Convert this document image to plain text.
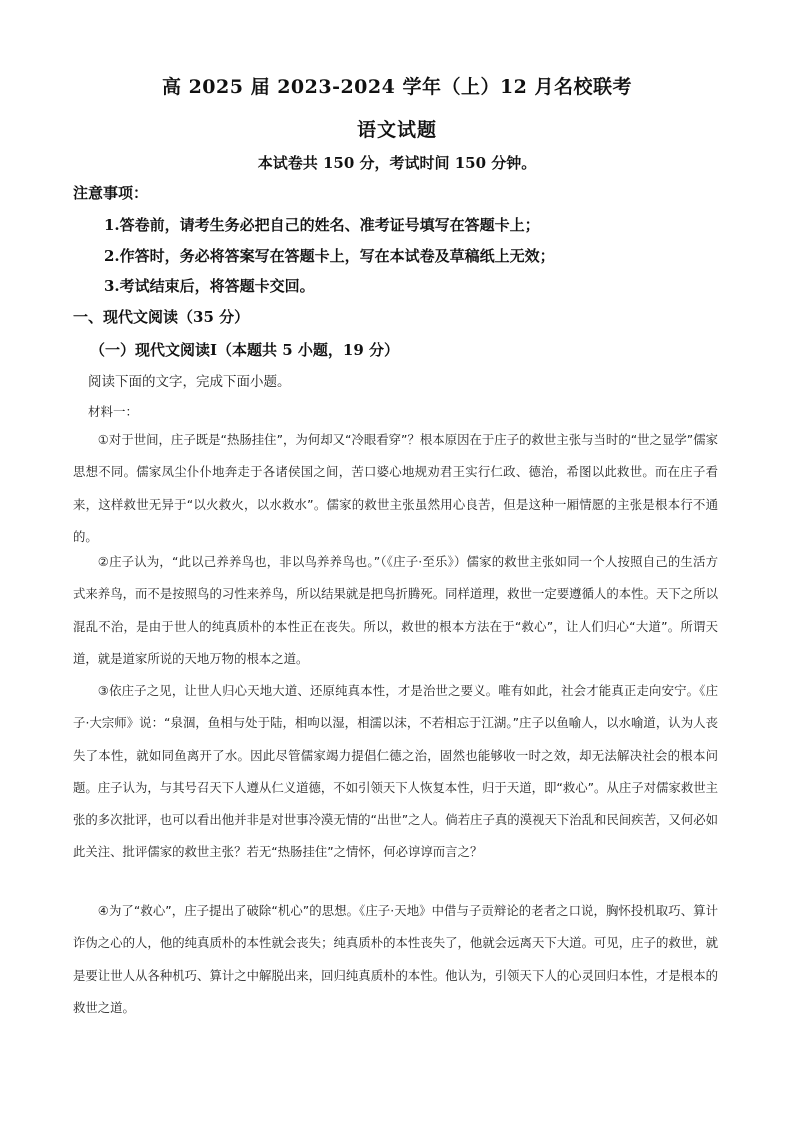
高 2025 届 2023-2024 学年（上）12 月名校联考
语文试题
本试卷共 150 分，考试时间 150 分钟。
注意事项：
1.答卷前，请考生务必把自己的姓名、准考证号填写在答题卡上；
2.作答时，务必将答案写在答题卡上，写在本试卷及草稿纸上无效；
3.考试结束后，将答题卡交回。
一、现代文阅读（35 分）
（一）现代文阅读Ⅰ（本题共 5 小题，19 分）
阅读下面的文字，完成下面小题。
材料一：

①对于世间，庄子既是“热肠挂住”，为何却又“冷眼看穿”？根本原因在于庄子的救世主张与当时的“世之显学”儒家思想不同。儒家凤尘仆仆地奔走于各诸侯国之间，苦口婆心地规劝君王实行仁政、德治，希图以此救世。而在庄子看来，这样救世无异于“以火救火，以水救水”。儒家的救世主张虽然用心良苦，但是这种一厢情愿的主张是根本行不通的。

②庄子认为，“此以己养养鸟也，非以鸟养养鸟也。”（《庄子·至乐》）儒家的救世主张如同一个人按照自己的生活方式来养鸟，而不是按照鸟的习性来养鸟，所以结果就是把鸟折腾死。同样道理，救世一定要遵循人的本性。天下之所以混乱不治，是由于世人的纯真质朴的本性正在丧失。所以，救世的根本方法在于“救心”，让人们归心“大道”。所谓天道，就是道家所说的天地万物的根本之道。

③依庄子之见，让世人归心天地大道、还原纯真本性，才是治世之要义。唯有如此，社会才能真正走向安宁。《庄子·大宗师》说：“泉涸，鱼相与处于陆，相呴以湿，相濡以沫，不若相忘于江湖。”庄子以鱼喻人，以水喻道，认为人丧失了本性，就如同鱼离开了水。因此尽管儒家竭力提倡仁德之治，固然也能够收一时之效，却无法解决社会的根本问题。庄子认为，与其号召天下人遵从仁义道德，不如引领天下人恢复本性，归于天道，即“救心”。从庄子对儒家救世主张的多次批评，也可以看出他并非是对世事冷漠无情的“出世”之人。倘若庄子真的漠视天下治乱和民间疾苦，又何必如此关注、批评儒家的救世主张？若无“热肠挂住”之情怀，何必谆谆而言之？

④为了“救心”，庄子提出了破除“机心”的思想。《庄子·天地》中借与子贡辩论的老者之口说，胸怀投机取巧、算计诈伪之心的人，他的纯真质朴的本性就会丧失；纯真质朴的本性丧失了，他就会远离天下大道。可见，庄子的救世，就是要让世人从各种机巧、算计之中解脱出来，回归纯真质朴的本性。他认为，引领天下人的心灵回归本性，才是根本的救世之道。
